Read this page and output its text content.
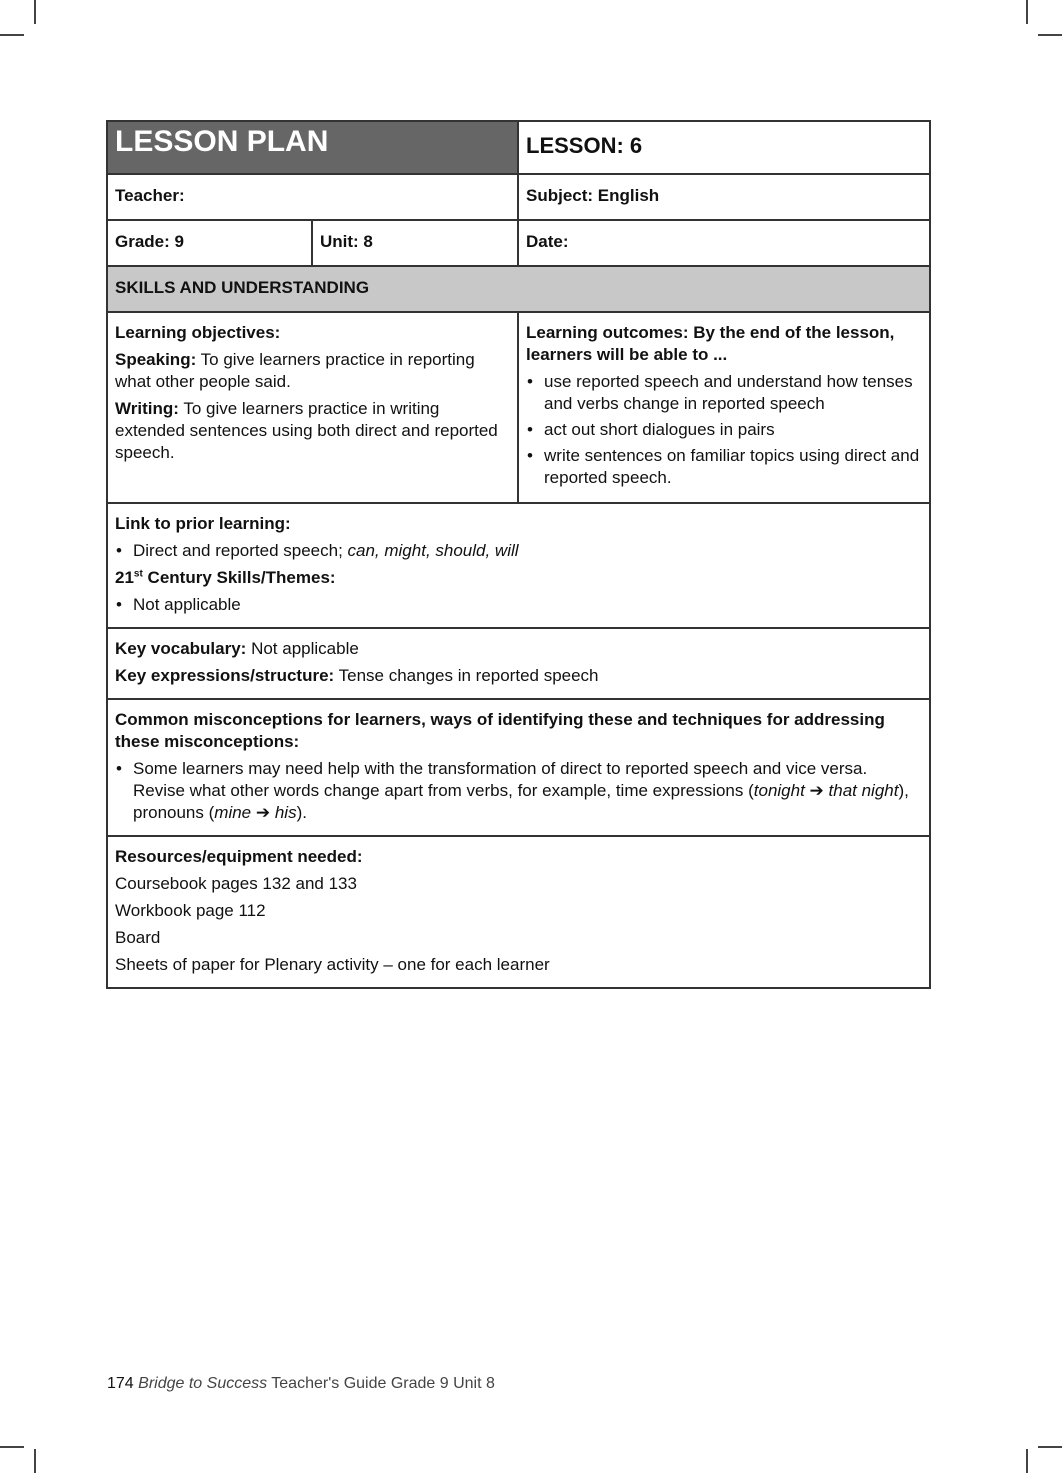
LESSON PLAN		LESSON: 6
Teacher:		Subject: English
Grade: 9	Unit: 8	Date:
SKILLS AND UNDERSTANDING		

Learning objectives:

Speaking: To give learners practice in reporting what other people said.

Writing: To give learners practice in writing extended sentences using both direct and reported speech.

Learning outcomes: By the end of the lesson, learners will be able to ...

• use reported speech and understand how tenses and verbs change in reported speech
• act out short dialogues in pairs
• write sentences on familiar topics using direct and reported speech.

Link to prior learning:

• Direct and reported speech; can, might, should, will

21st Century Skills/Themes:

• Not applicable

Key vocabulary: Not applicable

Key expressions/structure: Tense changes in reported speech		

Common misconceptions for learners, ways of identifying these and techniques for addressing these misconceptions:

• Some learners may need help with the transformation of direct to reported speech and vice versa. Revise what other words change apart from verbs, for example, time expressions (tonight ➔ that night), pronouns (mine ➔ his).

Resources/equipment needed:

Coursebook pages 132 and 133

Workbook page 112

Board

Sheets of paper for Plenary activity – one for each learner		

174 Bridge to Success Teacher's Guide Grade 9 Unit 8
